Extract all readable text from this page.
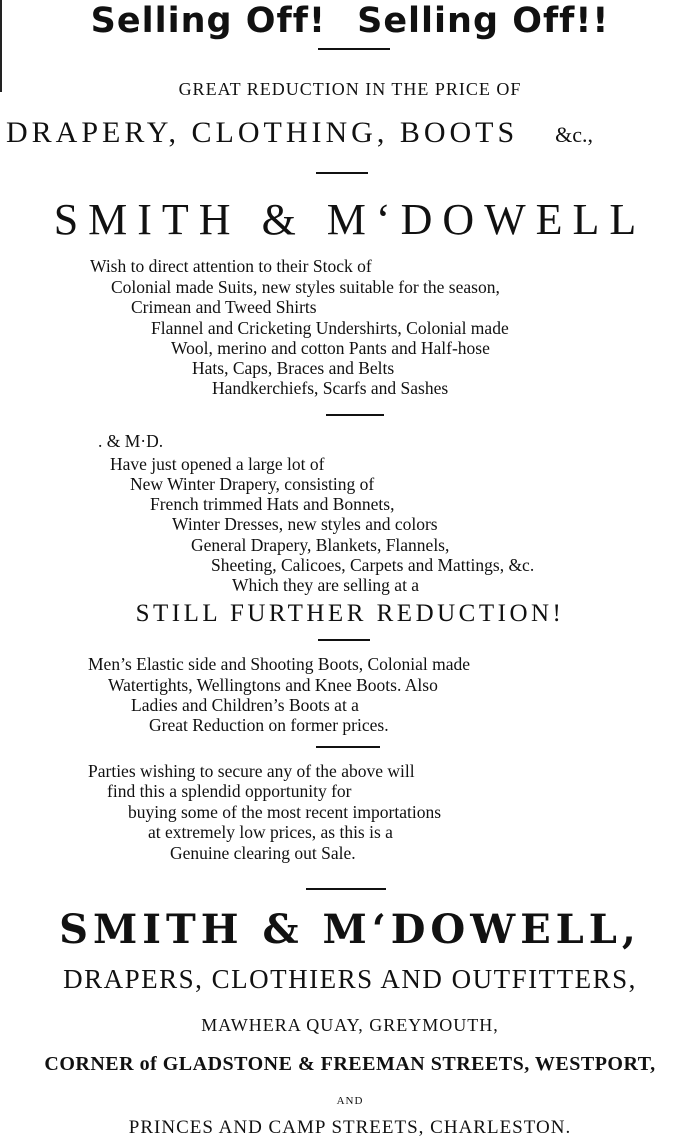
Selling Off! Selling Off!!
GREAT REDUCTION IN THE PRICE OF
DRAPERY, CLOTHING, BOOTS &c.,
SMITH & M‘DOWELL
Wish to direct attention to their Stock of
Colonial made Suits, new styles suitable for the season,
Crimean and Tweed Shirts
Flannel and Cricketing Undershirts, Colonial made
Wool, merino and cotton Pants and Half-hose
Hats, Caps, Braces and Belts
Handkerchiefs, Scarfs and Sashes
. & M·D.
Have just opened a large lot of
New Winter Drapery, consisting of
French trimmed Hats and Bonnets,
Winter Dresses, new styles and colors
General Drapery, Blankets, Flannels,
Sheeting, Calicoes, Carpets and Mattings, &c.
Which they are selling at a
STILL FURTHER REDUCTION!
Men’s Elastic side and Shooting Boots, Colonial made
Watertights, Wellingtons and Knee Boots. Also
Ladies and Children’s Boots at a
Great Reduction on former prices.
Parties wishing to secure any of the above will
find this a splendid opportunity for
buying some of the most recent importations
at extremely low prices, as this is a
Genuine clearing out Sale.
SMITH & M‘DOWELL,
DRAPERS, CLOTHIERS AND OUTFITTERS,
MAWHERA QUAY, GREYMOUTH,
CORNER of GLADSTONE & FREEMAN STREETS, WESTPORT,
AND
PRINCES AND CAMP STREETS, CHARLESTON.
